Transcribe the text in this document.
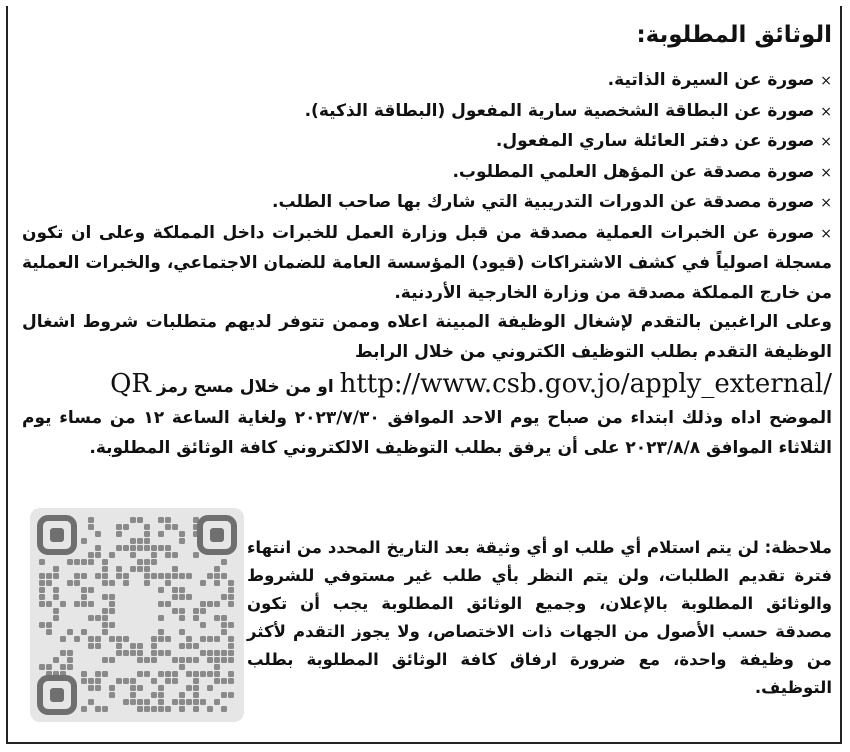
الوثائق المطلوبة:
×صورة عن السيرة الذاتية.
×صورة عن البطاقة الشخصية سارية المفعول (البطاقة الذكية).
×صورة عن دفتر العائلة ساري المفعول.
×صورة مصدقة عن المؤهل العلمي المطلوب.
×صورة مصدقة عن الدورات التدريبية التي شارك بها صاحب الطلب.
×صورة عن الخبرات العملية مصدقة من قبل وزارة العمل للخبرات داخل المملكة وعلى ان تكون مسجلة اصولياً في كشف الاشتراكات (قيود) المؤسسة العامة للضمان الاجتماعي، والخبرات العملية من خارج المملكة مصدقة من وزارة الخارجية الأردنية.

وعلى الراغبين بالتقدم لإشغال الوظيفة المبينة اعلاه وممن تتوفر لديهم متطلبات شروط اشغال الوظيفة التقدم بطلب التوظيف الكتروني من خلال الرابط

http://www.csb.gov.jo/apply_external/ او من خلال مسح رمز QR

الموضح اداه وذلك ابتداء من صباح يوم الاحد الموافق ٢٠٢٣/٧/٣٠ ولغاية الساعة ١٢ من مساء يوم الثلاثاء الموافق ٢٠٢٣/٨/٨ على أن يرفق بطلب التوظيف الالكتروني كافة الوثائق المطلوبة.

ملاحظة: لن يتم استلام أي طلب او أي وثيقة بعد التاريخ المحدد من انتهاء فترة تقديم الطلبات، ولن يتم النظر بأي طلب غير مستوفي للشروط والوثائق المطلوبة بالإعلان، وجميع الوثائق المطلوبة يجب أن تكون مصدقة حسب الأصول من الجهات ذات الاختصاص، ولا يجوز التقدم لأكثر من وظيفة واحدة، مع ضرورة ارفاق كافة الوثائق المطلوبة بطلب التوظيف.
